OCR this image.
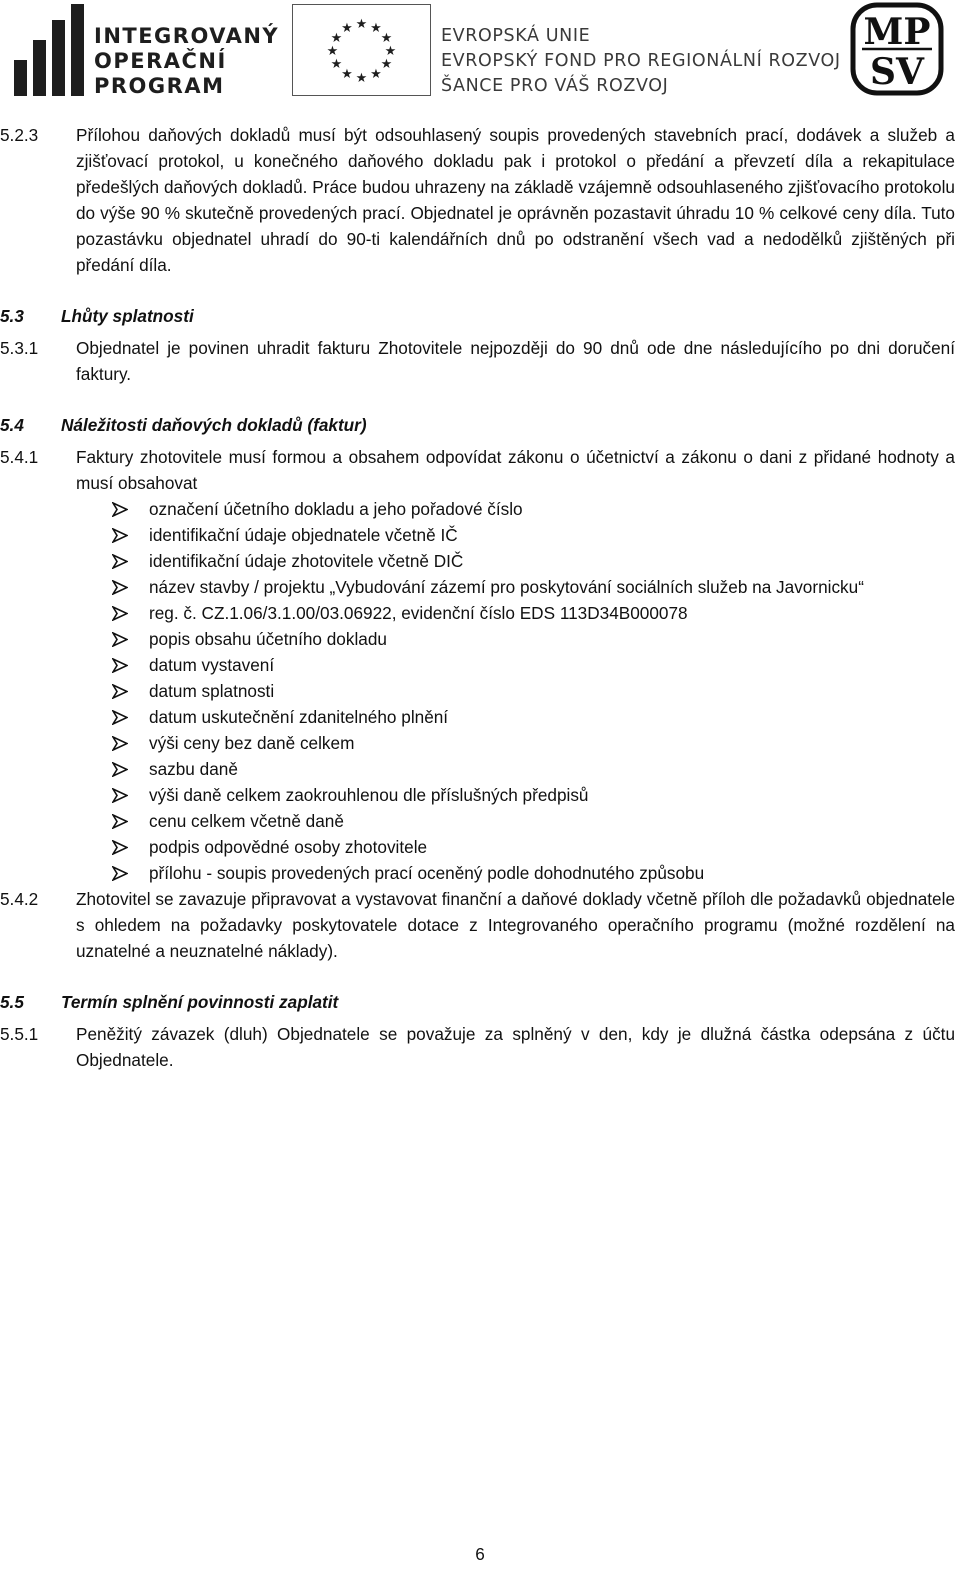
INTEGROVANÝ
OPERAČNÍ
PROGRAM
★ ★
★
★
★
★
★
★
★
★
★
★	EVROPSKÁ UNIE
EVROPSKÝ FOND PRO REGIONÁLNÍ ROZVOJ
ŠANCE PRO VÁŠ ROZVOJ
MP
SV
5.2.3 Přílohou daňových dokladů musí být odsouhlasený soupis provedených stavebních prací, dodávek a služeb a zjišťovací protokol, u konečného daňového dokladu pak i protokol o předání a převzetí díla a rekapitulace předešlých daňových dokladů. Práce budou uhrazeny na základě vzájemně odsouhlaseného zjišťovacího protokolu do výše 90 % skutečně provedených prací. Objednatel je oprávněn pozastavit úhradu 10 % celkové ceny díla. Tuto pozastávku objednatel uhradí do 90-ti kalendářních dnů po odstranění všech vad a nedodělků zjištěných při předání díla.
5.3 Lhůty splatnosti
5.3.1 Objednatel je povinen uhradit fakturu Zhotovitele nejpozději do 90 dnů ode dne následujícího po dni doručení faktury.
5.4 Náležitosti daňových dokladů (faktur)
5.4.1 Faktury zhotovitele musí formou a obsahem odpovídat zákonu o účetnictví a zákonu o dani z přidané hodnoty a musí obsahovat
označení účetního dokladu a jeho pořadové číslo
identifikační údaje objednatele včetně IČ
identifikační údaje zhotovitele včetně DIČ
název stavby / projektu „Vybudování zázemí pro poskytování sociálních služeb na Javornicku“
reg. č. CZ.1.06/3.1.00/03.06922, evidenční číslo EDS 113D34B000078
popis obsahu účetního dokladu
datum vystavení
datum splatnosti
datum uskutečnění zdanitelného plnění
výši ceny bez daně celkem
sazbu daně
výši daně celkem zaokrouhlenou dle příslušných předpisů
cenu celkem včetně daně
podpis odpovědné osoby zhotovitele
přílohu - soupis provedených prací oceněný podle dohodnutého způsobu
5.4.2 Zhotovitel se zavazuje připravovat a vystavovat finanční a daňové doklady včetně příloh dle požadavků objednatele s ohledem na požadavky poskytovatele dotace z Integrovaného operačního programu (možné rozdělení na uznatelné a neuznatelné náklady).
5.5 Termín splnění povinnosti zaplatit
5.5.1 Peněžitý závazek (dluh) Objednatele se považuje za splněný v den, kdy je dlužná částka odepsána z účtu Objednatele.
6
